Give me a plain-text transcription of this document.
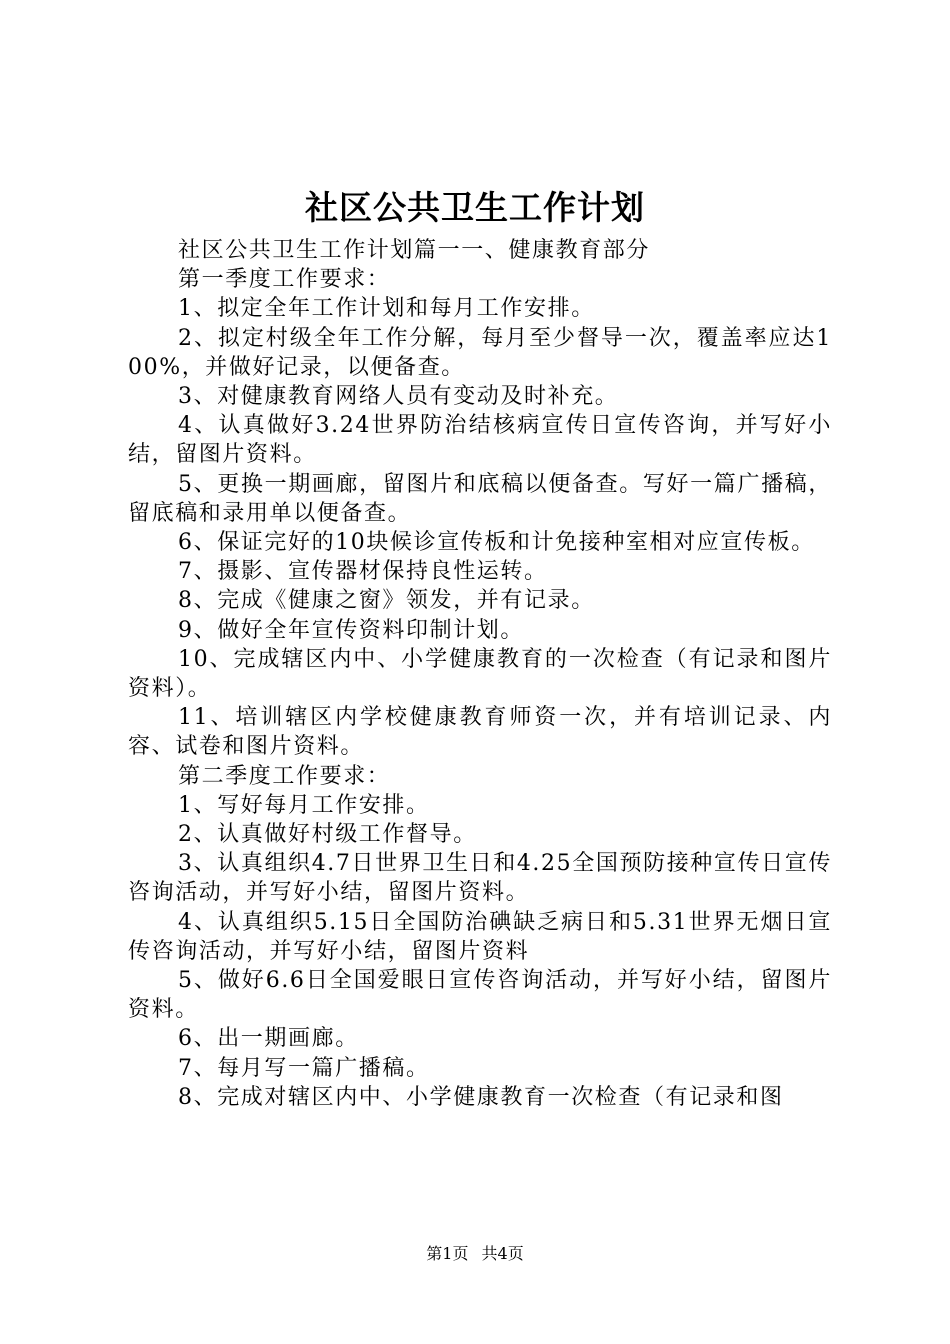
社区公共卫生工作计划

社区公共卫生工作计划篇一一、健康教育部分

第一季度工作要求：

1、拟定全年工作计划和每月工作安排。

2、拟定村级全年工作分解，每月至少督导一次，覆盖率应达100%，并做好记录，以便备查。

3、对健康教育网络人员有变动及时补充。

4、认真做好3.24世界防治结核病宣传日宣传咨询，并写好小结，留图片资料。

5、更换一期画廊，留图片和底稿以便备查。写好一篇广播稿，留底稿和录用单以便备查。

6、保证完好的10块候诊宣传板和计免接种室相对应宣传板。

7、摄影、宣传器材保持良性运转。

8、完成《健康之窗》领发，并有记录。

9、做好全年宣传资料印制计划。

10、完成辖区内中、小学健康教育的一次检查（有记录和图片资料）。

11、培训辖区内学校健康教育师资一次，并有培训记录、内容、试卷和图片资料。

第二季度工作要求：

1、写好每月工作安排。

2、认真做好村级工作督导。

3、认真组织4.7日世界卫生日和4.25全国预防接种宣传日宣传咨询活动，并写好小结，留图片资料。

4、认真组织5.15日全国防治碘缺乏病日和5.31世界无烟日宣传咨询活动，并写好小结，留图片资料

5、做好6.6日全国爱眼日宣传咨询活动，并写好小结，留图片资料。

6、出一期画廊。

7、每月写一篇广播稿。

8、完成对辖区内中、小学健康教育一次检查（有记录和图

第1页 共4页
